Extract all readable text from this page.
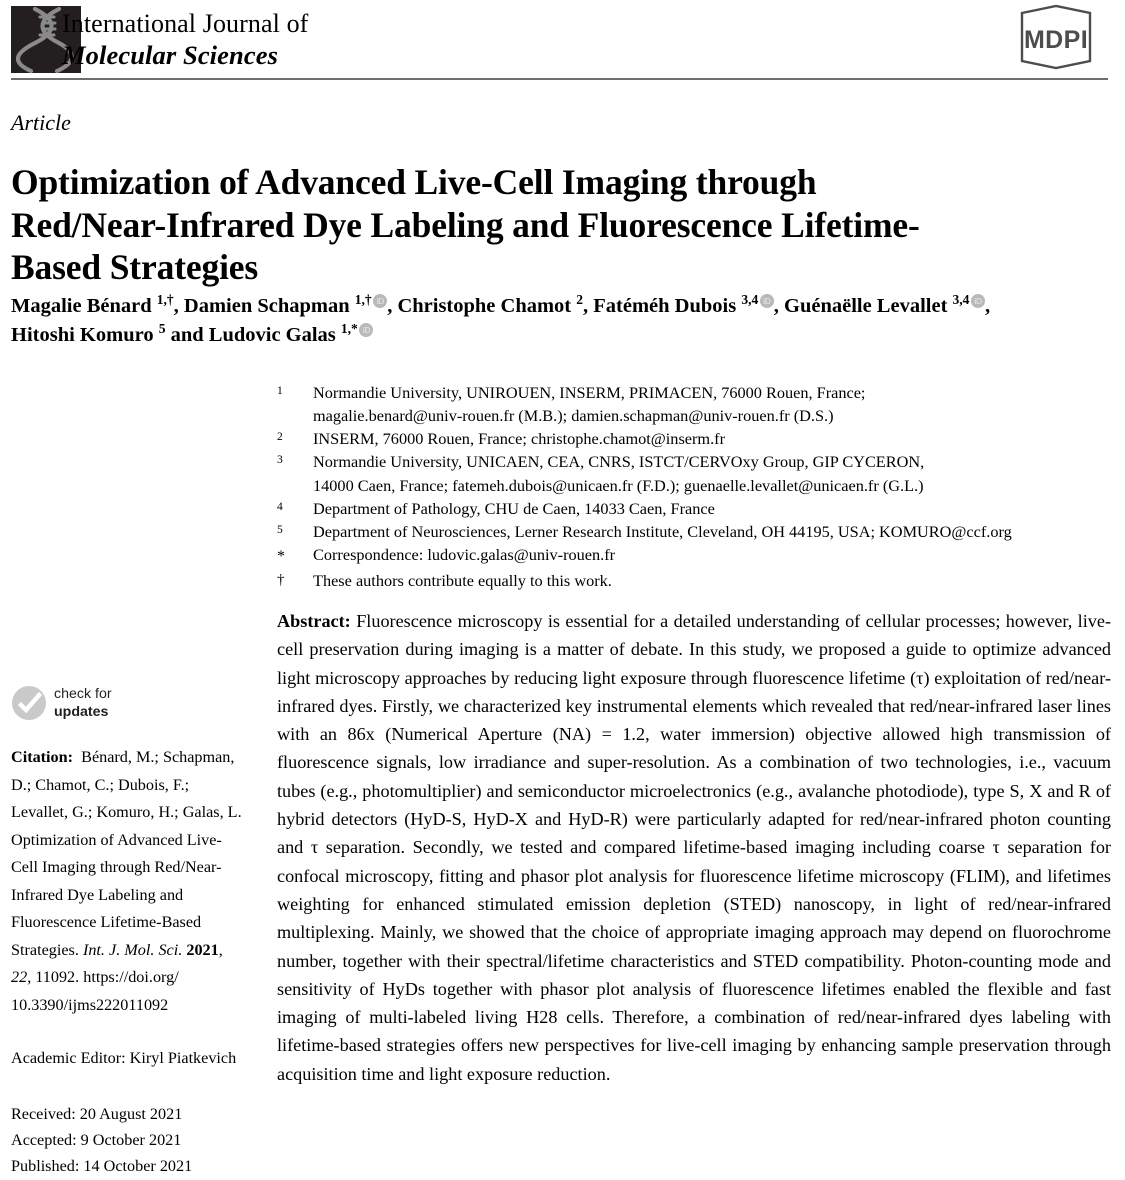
International Journal of
Molecular Sciences
MDPI
Article
Optimization of Advanced Live-Cell Imaging through Red/Near-Infrared Dye Labeling and Fluorescence Lifetime-Based Strategies
Magalie Bénard $^{1,\dagger}$, Damien Schapman $^{1,\dagger}$ iD , Christophe Chamot $^2$, Fatéméh Dubois $^{3,4}$ iD , Guénaëlle Levallet $^{3,4}$ iD ,
Hitoshi Komuro $^5$ and Ludovic Galas $^{1,*}$iD
1	Normandie University, UNIROUEN, INSERM, PRIMACEN, 76000 Rouen, France;
magalie.benard@univ-rouen.fr (M.B.); damien.schapman@univ-rouen.fr (D.S.)
2	INSERM, 76000 Rouen, France; christophe.chamot@inserm.fr
3	Normandie University, UNICAEN, CEA, CNRS, ISTCT/CERVOxy Group, GIP CYCERON,
14000 Caen, France; fatemeh.dubois@unicaen.fr (F.D.); guenaelle.levallet@unicaen.fr (G.L.)
4	Department of Pathology, CHU de Caen, 14033 Caen, France
5	Department of Neurosciences, Lerner Research Institute, Cleveland, OH 44195, USA; KOMURO@ccf.org
*	Correspondence: ludovic.galas@univ-rouen.fr
†	These authors contribute equally to this work.
Abstract: Fluorescence microscopy is essential for a detailed understanding of cellular processes; however, live-cell preservation during imaging is a matter of debate. In this study, we proposed a guide to optimize advanced light microscopy approaches by reducing light exposure through fluorescence lifetime (τ) exploitation of red/near-infrared dyes. Firstly, we characterized key instrumental elements which revealed that red/near-infrared laser lines with an 86x (Numerical Aperture (NA) = 1.2, water immersion) objective allowed high transmission of fluorescence signals, low irradiance and super-resolution. As a combination of two technologies, i.e., vacuum tubes (e.g., photomultiplier) and semiconductor microelectronics (e.g., avalanche photodiode), type S, X and R of hybrid detectors (HyD-S, HyD-X and HyD-R) were particularly adapted for red/near-infrared photon counting and τ separation. Secondly, we tested and compared lifetime-based imaging including coarse τ separation for confocal microscopy, fitting and phasor plot analysis for fluorescence lifetime microscopy (FLIM), and lifetimes weighting for enhanced stimulated emission depletion (STED) nanoscopy, in light of red/near-infrared multiplexing. Mainly, we showed that the choice of appropriate imaging approach may depend on fluorochrome number, together with their spectral/lifetime characteristics and STED compatibility. Photon-counting mode and sensitivity of HyDs together with phasor plot analysis of fluorescence lifetimes enabled the flexible and fast imaging of multi-labeled living H28 cells. Therefore, a combination of red/near-infrared dyes labeling with lifetime-based strategies offers new perspectives for live-cell imaging by enhancing sample preservation through acquisition time and light exposure reduction.
check for
updates
Citation:  Bénard, M.; Schapman, D.; Chamot, C.; Dubois, F.; Levallet, G.; Komuro, H.; Galas, L. Optimization of Advanced Live-Cell Imaging through Red/Near-Infrared Dye Labeling and Fluorescence Lifetime-Based Strategies. Int. J. Mol. Sci. 2021, 22, 11092. https://doi.org/ 10.3390/ijms222011092
Academic Editor: Kiryl Piatkevich
Received: 20 August 2021
Accepted: 9 October 2021
Published: 14 October 2021
